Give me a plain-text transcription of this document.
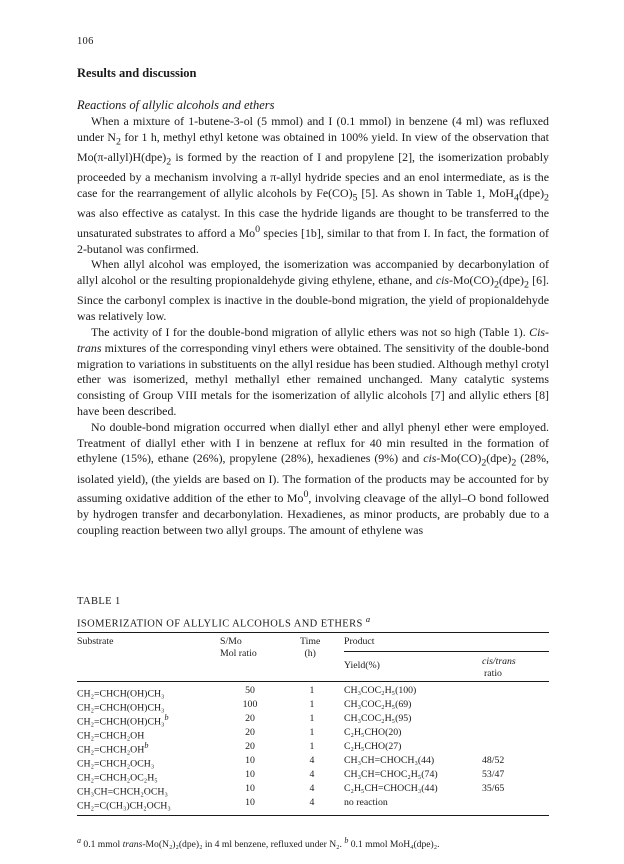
106
Results and discussion
Reactions of allylic alcohols and ethers

When a mixture of 1-butene-3-ol (5 mmol) and I (0.1 mmol) in benzene (4 ml) was refluxed under $N_2$ for 1 h, methyl ethyl ketone was obtained in 100% yield. In view of the observation that $Mo(\pi-allyl)H(dpe)_2$ is formed by the reaction of I and propylene [2], the isomerization probably proceeded by a mechanism involving a π-allyl hydride species and an enol intermediate, as is the case for the rearrangement of allylic alcohols by $Fe(CO)_5$ [5]. As shown in Table 1, $MoH_4(dpe)_2$ was also effective as catalyst. In this case the hydride ligands are thought to be transferred to the unsaturated substrates to afford a Mo$^0$ species [1b], similar to that from I. In fact, the formation of 2-butanol was confirmed.

When allyl alcohol was employed, the isomerization was accompanied by decarbonylation of allyl alcohol or the resulting propionaldehyde giving ethylene, ethane, and cis-$Mo(CO)_2(dpe)_2$ [6]. Since the carbonyl complex is inactive in the double-bond migration, the yield of propionaldehyde was relatively low.

The activity of I for the double-bond migration of allylic ethers was not so high (Table 1). Cis-trans mixtures of the corresponding vinyl ethers were obtained. The sensitivity of the double-bond migration to variations in substituents on the allyl residue has been studied. Although methyl crotyl ether was isomerized, methyl methallyl ether remained unchanged. Many catalytic systems consisting of Group VIII metals for the isomerization of allylic alcohols [7] and allylic ethers [8] have been described.

No double-bond migration occurred when diallyl ether and allyl phenyl ether were employed. Treatment of diallyl ether with I in benzene at reflux for 40 min resulted in the formation of ethylene (15%), ethane (26%), propylene (28%), hexadienes (9%) and cis-$Mo(CO)_2(dpe)_2$ (28%, isolated yield), (the yields are based on I). The formation of the products may be accounted for by assuming oxidative addition of the ether to Mo$^0$, involving cleavage of the allyl–O bond followed by hydrogen transfer and decarbonylation. Hexadienes, as minor products, are probably due to a coupling reaction between two allyl groups. The amount of ethylene was

TABLE 1
ISOMERIZATION OF ALLYLIC ALCOHOLS AND ETHERS $^a$
Substrate	S/Mo
Mol ratio
Time
(h)
Product
Yield(%)	cis/trans
ratio
CH₂=CHCH(OH)CH₃	50	1	CH₃COC₂H₅(100)
CH₂=CHCH(OH)CH₃	100	1	CH₃COC₂H₅(69)
CH₂=CHCH(OH)CH₃$^b$	20	1	CH₃COC₂H₅(95)
CH₂=CHCH₂OH	20	1	C₂H₅CHO(20)
$CH_2=CHCH_2OH^b$	20	1	C₂H₅CHO(27)
CH₂=CHCH₂OCH₃	10	4	CH₃CH=CHOCH₃(44)	48/52
CH₂=CHCH₂OC₂H₅	10	4	CH₃CH=CHOC₂H₅(74)	53/47
CH₃CH=CHCH₂OCH₃	10	4	C₂H₅CH=CHOCH₃(44)	35/65
CH₂=C(CH₃)CH₂OCH₃	10	4	no reaction
$^a$ 0.1 mmol trans-Mo(N₂)₂(dpe)₂ in 4 ml benzene, refluxed under N₂. $^b$ 0.1 mmol MoH₄(dpe)₂.
